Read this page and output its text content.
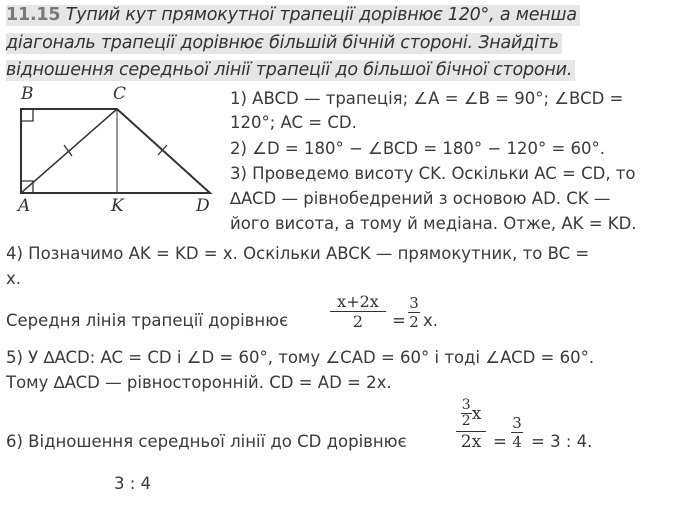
11.15 Тупий кут прямокутної трапеції дорівнює 120°, а менша
діагональ трапеції дорівнює більшій бічній стороні. Знайдіть
відношення середньої лінії трапеції до більшої бічної сторони.
B	C
A	K	D
1) ABCD — трапеція; ∠A = ∠B = 90°; ∠BCD =
120°; AC = CD.
2) ∠D = 180° − ∠BCD = 180° − 120° = 60°.
3) Проведемо висоту CK. Оскільки AC = CD, то
∆ACD — рівнобедрений з основою AD. CK —
його висота, а тому й медіана. Отже, AK = KD.
4) Позначимо AK = KD = x. Оскільки ABCK — прямокутник, то BC =
x.
Середня лінія трапеції дорівнює
x+2x
2 =
3
2 x.
5) У ∆ACD: AC = CD і ∠D = 60°, тому ∠CAD = 60° і тоді ∠ACD = 60°.
Тому ∆ACD — рівносторонній. CD = AD = 2x.
6) Відношення середньої лінії до CD дорівнює
3
2 x
2x =
3
4 = 3 : 4.
3 : 4
